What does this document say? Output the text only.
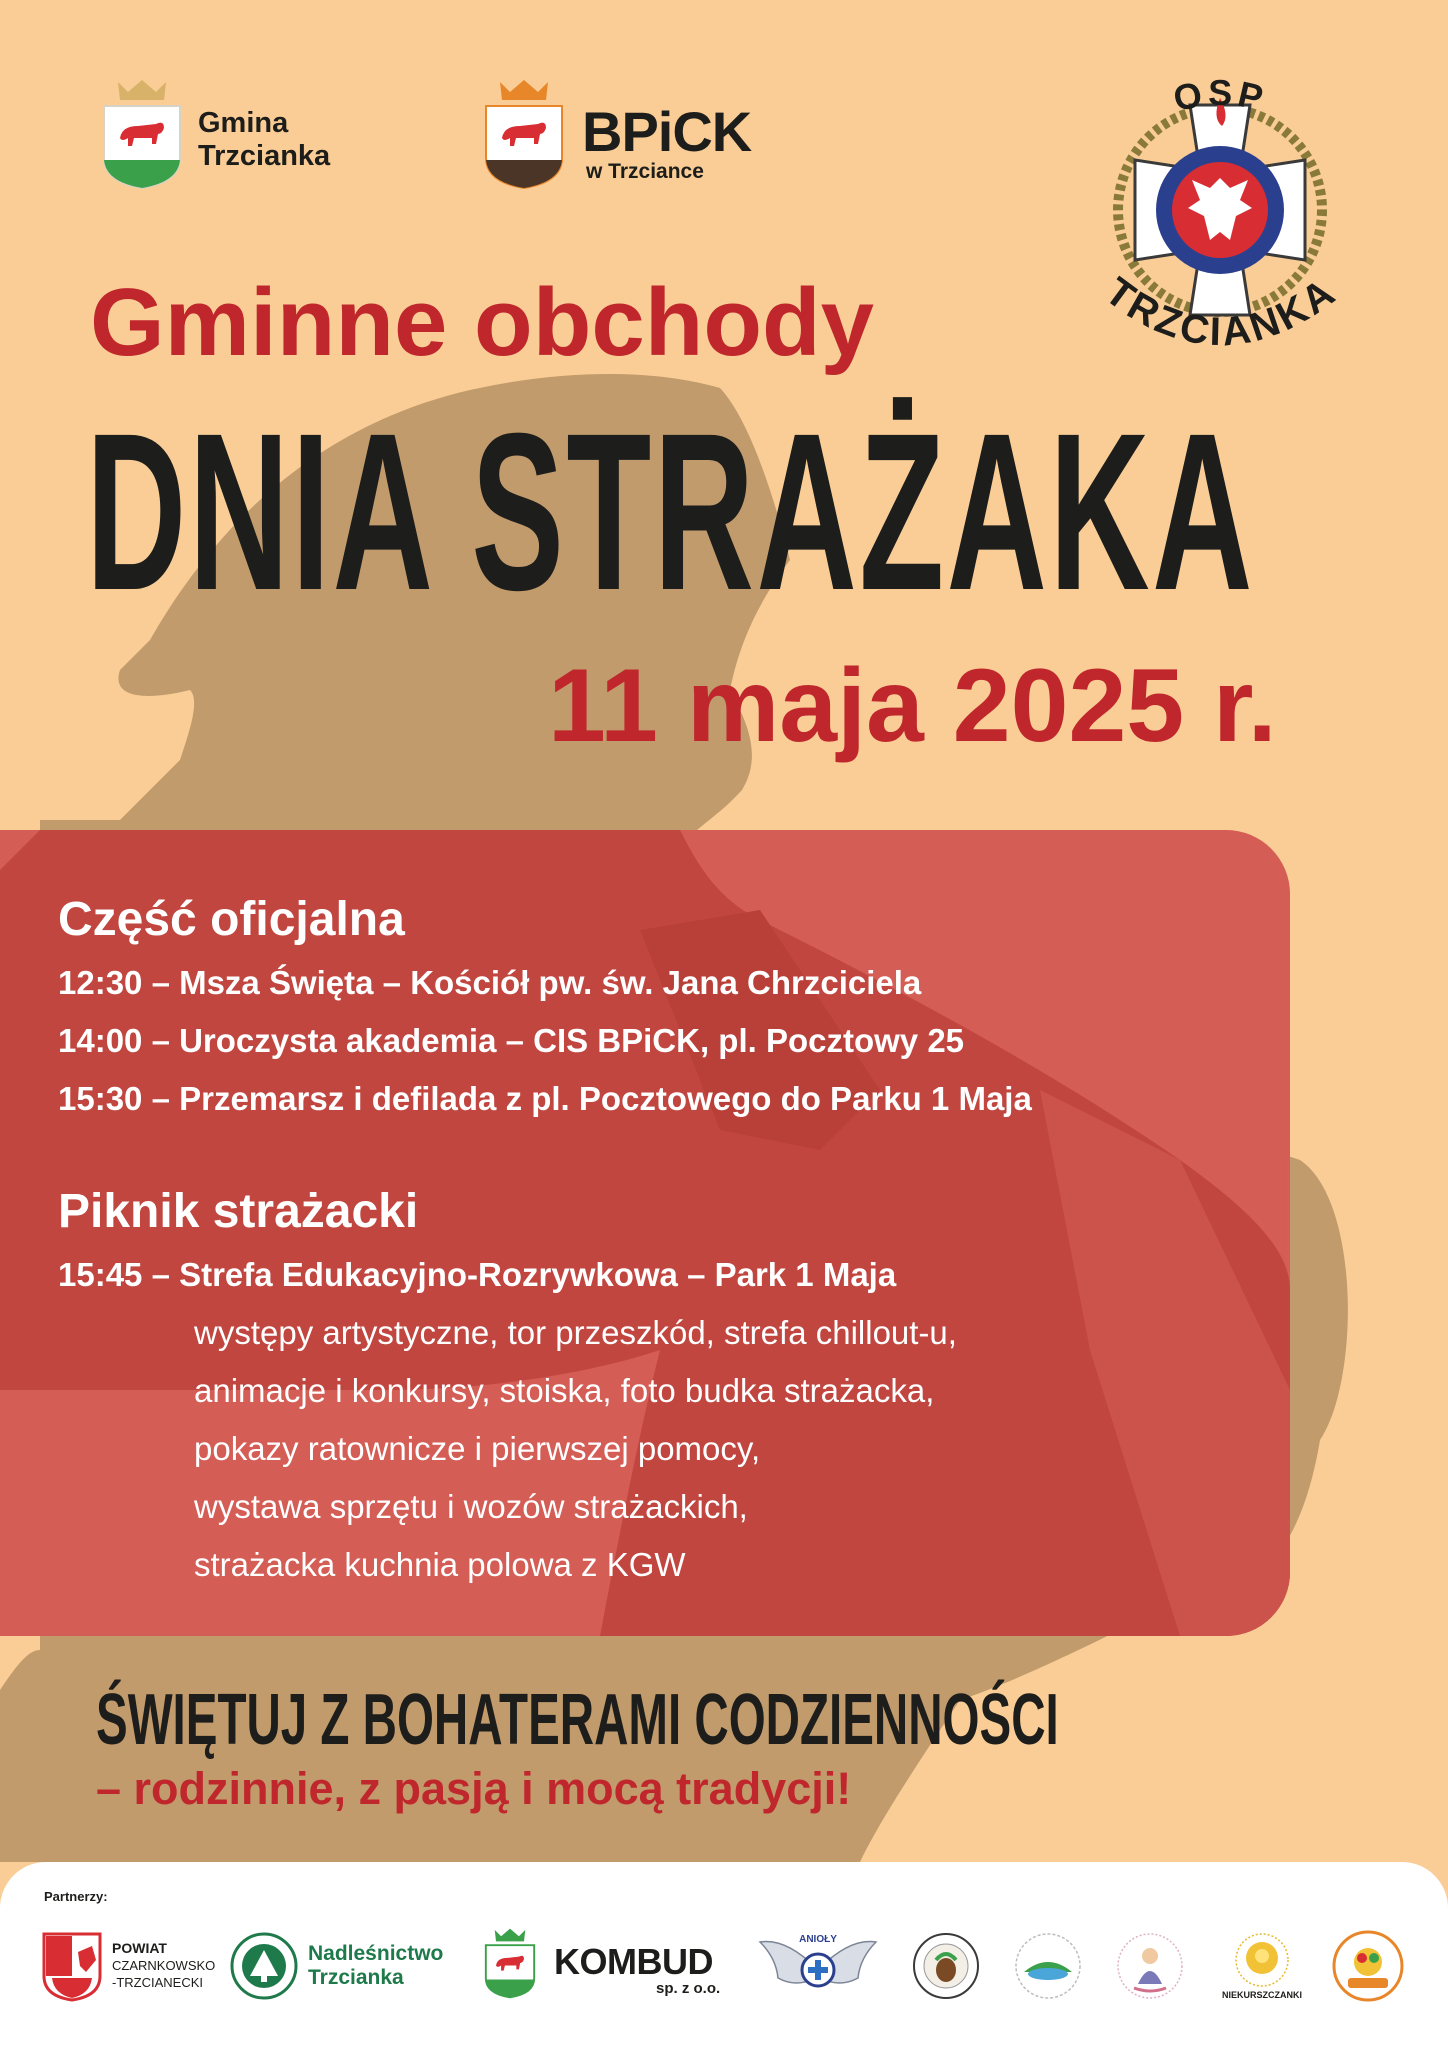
Gmina
Trzcianka	BPiCK
w Trzciance
OSP
TRZCIANKA
Gminne obchody
DNIA STRAŻAKA
11 maja 2025 r.
Część oficjalna
12:30 – Msza Święta – Kościół pw. św. Jana Chrzciciela
14:00 – Uroczysta akademia – CIS BPiCK, pl. Pocztowy 25
15:30 – Przemarsz i defilada z pl. Pocztowego do Parku 1 Maja
Piknik strażacki
15:45 – Strefa Edukacyjno-Rozrywkowa – Park 1 Maja
występy artystyczne, tor przeszkód, strefa chillout-u,
animacje i konkursy, stoiska, foto budka strażacka,
pokazy ratownicze i pierwszej pomocy,
wystawa sprzętu i wozów strażackich,
strażacka kuchnia polowa z KGW
ŚWIĘTUJ Z BOHATERAMI CODZIENNOŚCI
– rodzinnie, z pasją i mocą tradycji!
Partnerzy:
POWIAT
CZARNKOWSKO
-TRZCIANECKI
Nadleśnictwo
Trzcianka	KOMBUD
sp. z o.o.
ANIOŁY
NIEKURSZCZANKI
